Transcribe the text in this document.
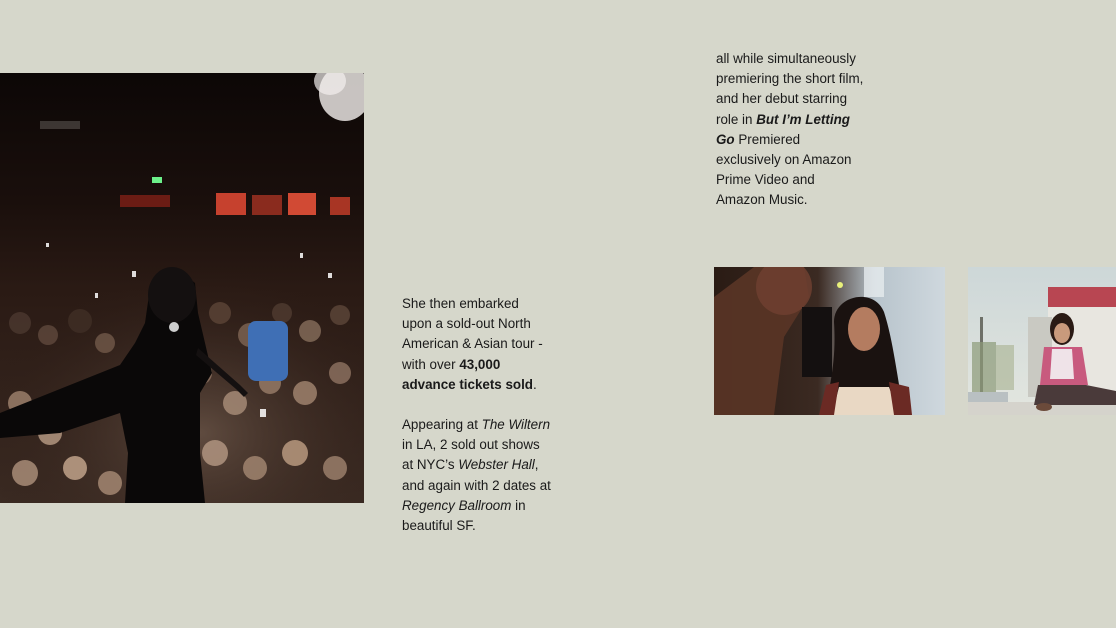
She then embarked upon a sold-out North American & Asian tour - with over 43,000 advance tickets sold.

Appearing at The Wiltern in LA, 2 sold out shows at NYC’s Webster Hall, and again with 2 dates at Regency Ballroom in beautiful SF.

all while simultaneously premiering the short film, and her debut starring role in But I’m Letting Go Premiered exclusively on Amazon Prime Video and Amazon Music.
